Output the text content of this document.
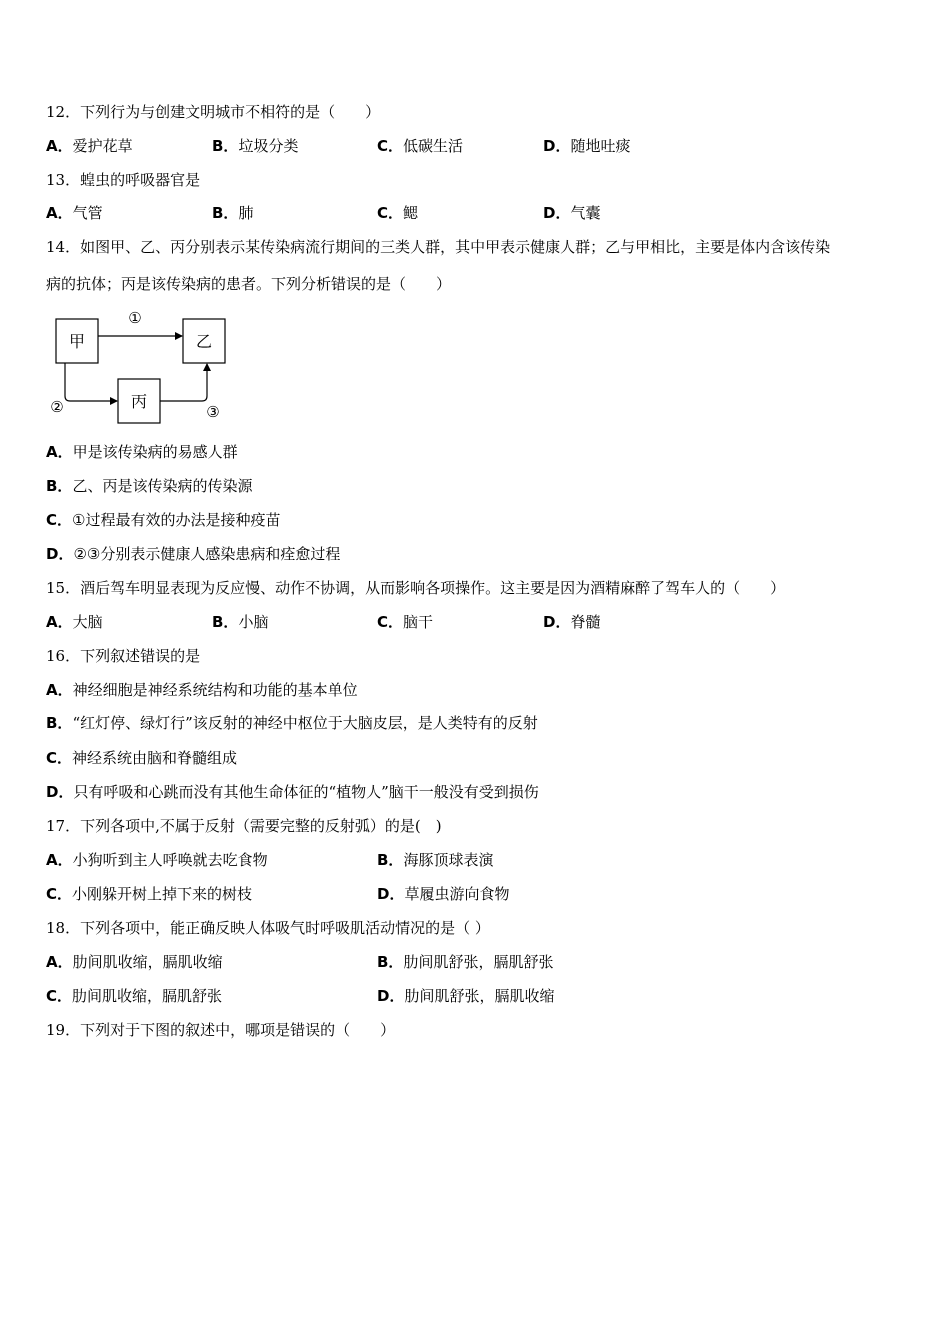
12．下列行为与创建文明城市不相符的是（　　）
A．爱护花草	B．垃圾分类	C．低碳生活	D．随地吐痰
13．蝗虫的呼吸器官是
A．气管	B．肺	C．鳃	D．气囊
14．如图甲、乙、丙分别表示某传染病流行期间的三类人群，其中甲表示健康人群；乙与甲相比，主要是体内含该传染
病的抗体；丙是该传染病的患者。下列分析错误的是（　　）
甲	乙
丙
①
②	③
A．甲是该传染病的易感人群
B．乙、丙是该传染病的传染源
C．①过程最有效的办法是接种疫苗
D．②③分别表示健康人感染患病和痊愈过程
15．酒后驾车明显表现为反应慢、动作不协调，从而影响各项操作。这主要是因为酒精麻醉了驾车人的（　　）
A．大脑	B．小脑	C．脑干	D．脊髓
16．下列叙述错误的是
A．神经细胞是神经系统结构和功能的基本单位
B．“红灯停、绿灯行”该反射的神经中枢位于大脑皮层，是人类特有的反射
C．神经系统由脑和脊髓组成
D．只有呼吸和心跳而没有其他生命体征的“植物人”脑干一般没有受到损伤
17．下列各项中,不属于反射（需要完整的反射弧）的是(　)
A．小狗听到主人呼唤就去吃食物	B．海豚顶球表演
C．小刚躲开树上掉下来的树枝	D．草履虫游向食物
18．下列各项中，能正确反映人体吸气时呼吸肌活动情况的是（ ）
A．肋间肌收缩，膈肌收缩	B．肋间肌舒张，膈肌舒张
C．肋间肌收缩，膈肌舒张	D．肋间肌舒张，膈肌收缩
19．下列对于下图的叙述中，哪项是错误的（　　）
